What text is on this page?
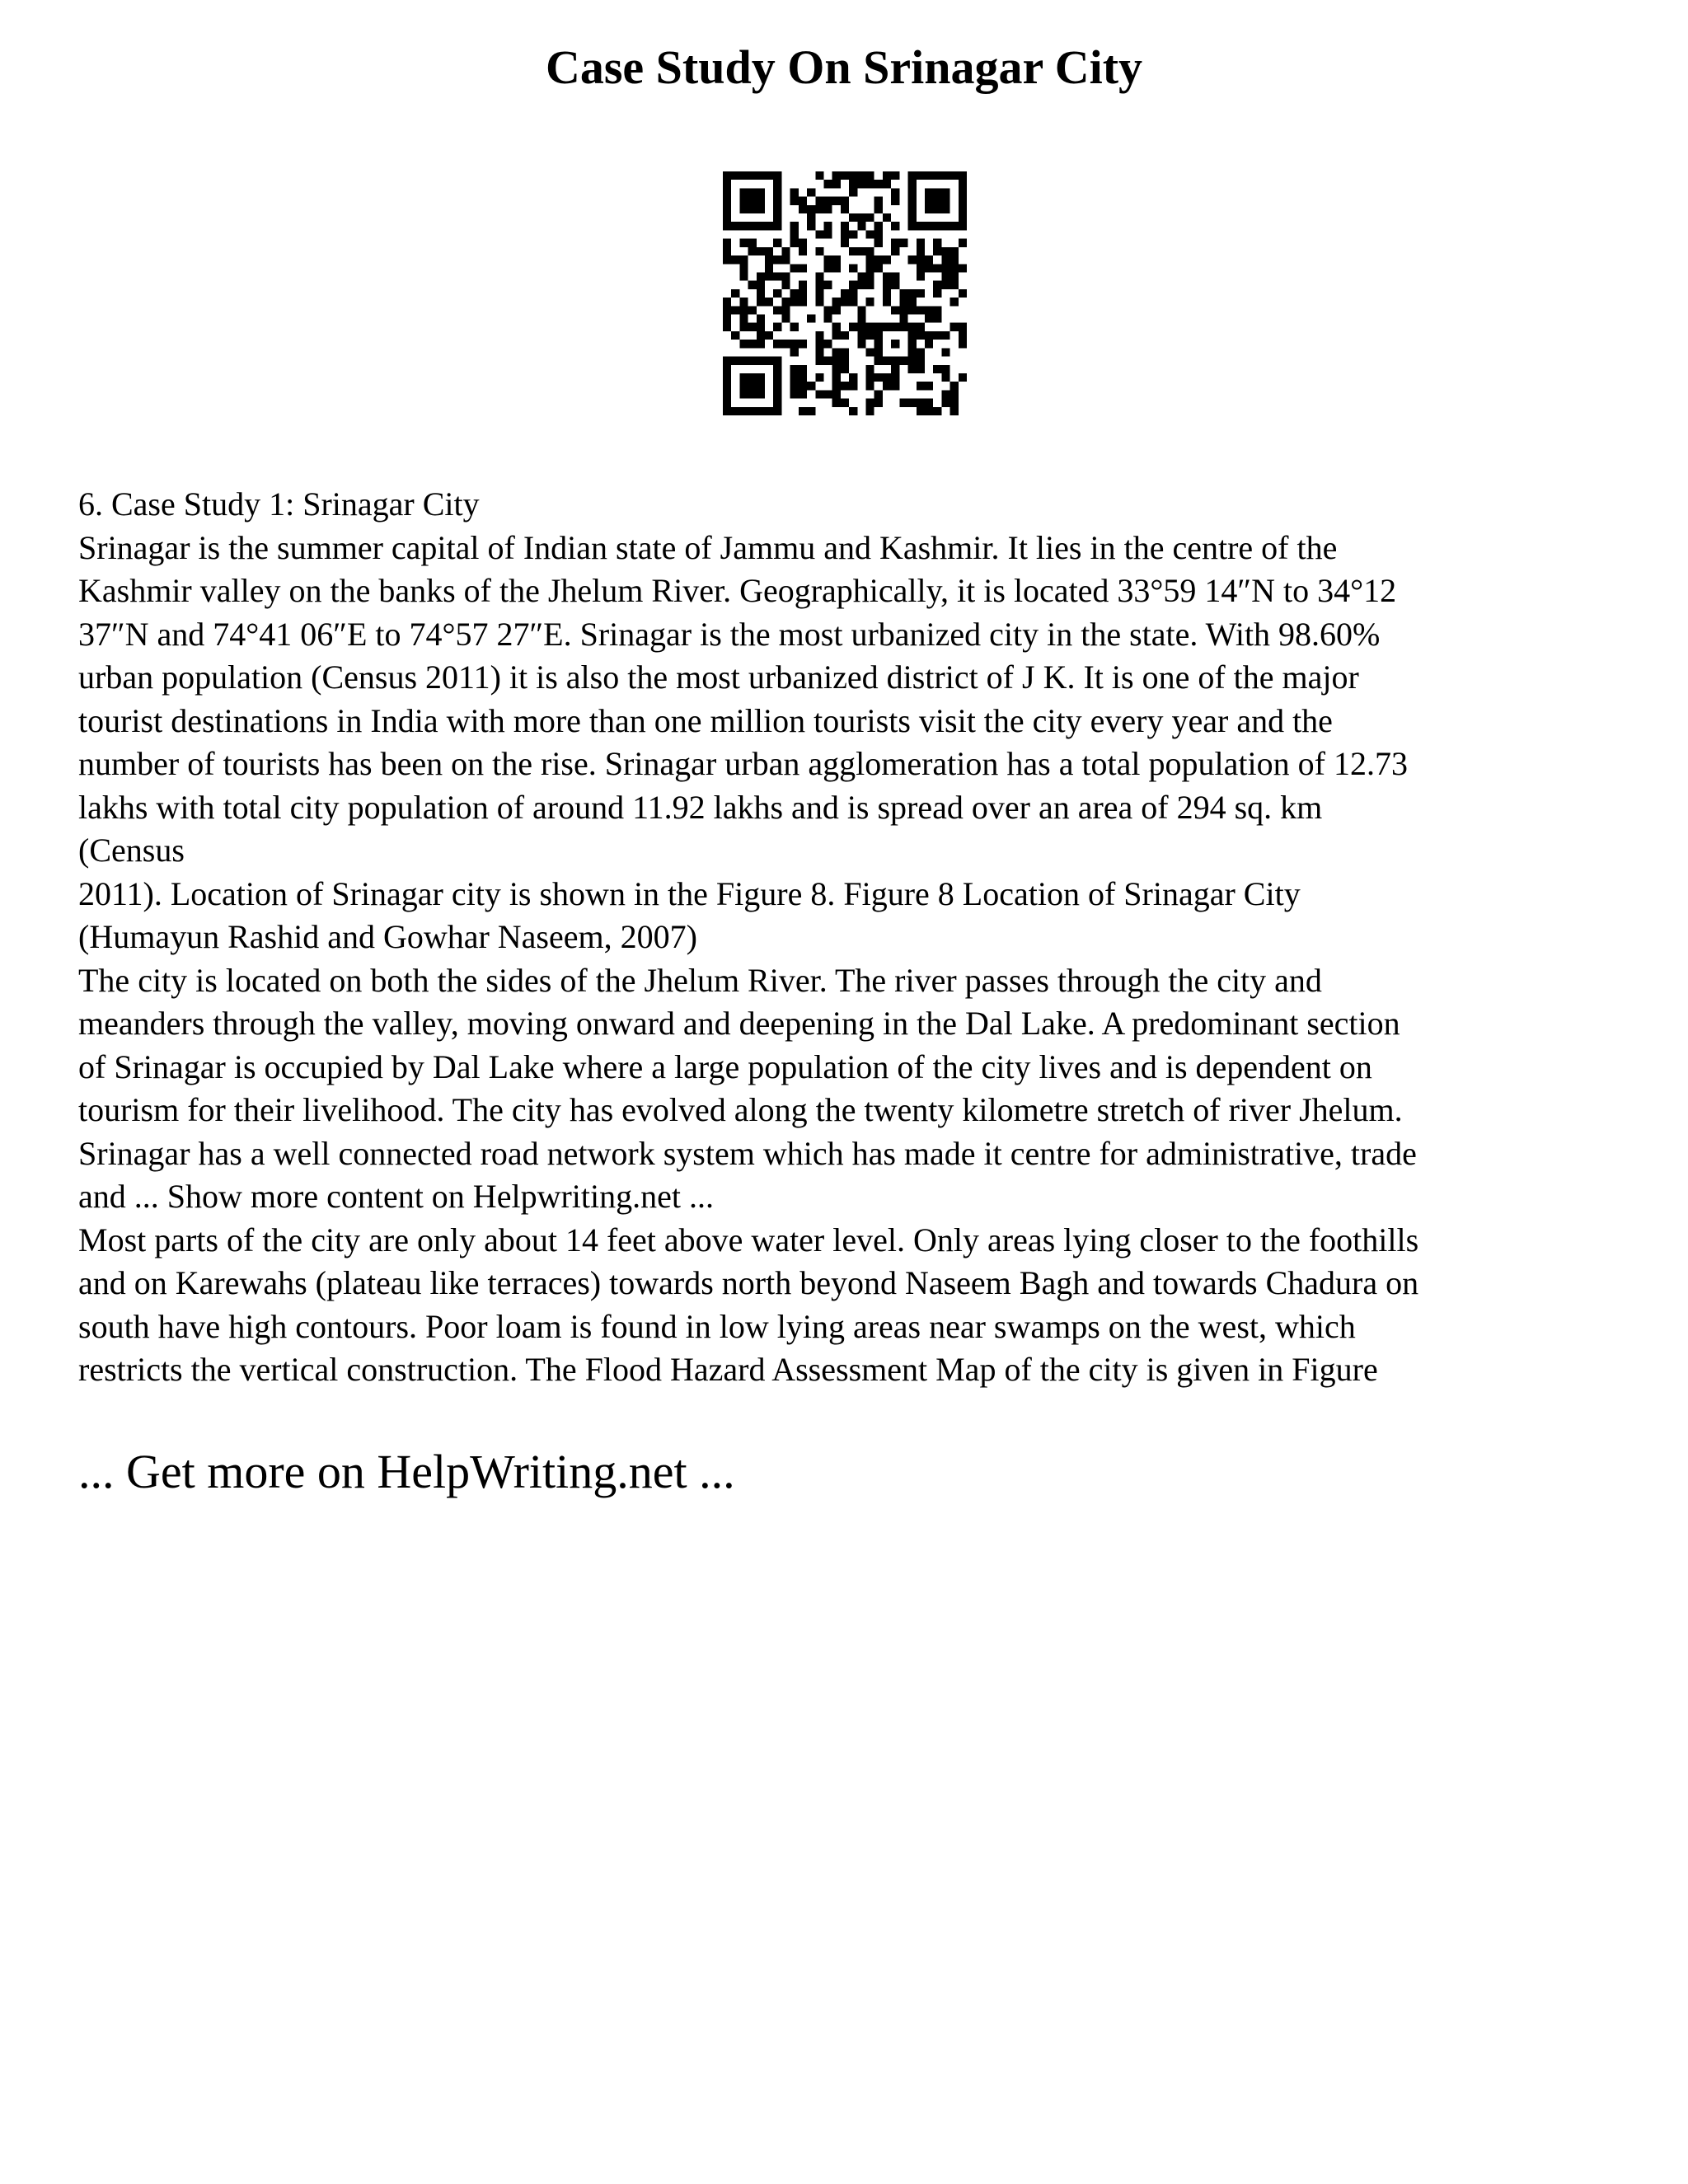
Case Study On Srinagar City

6. Case Study 1: Srinagar City

Srinagar is the summer capital of Indian state of Jammu and Kashmir. It lies in the centre of the
Kashmir valley on the banks of the Jhelum River. Geographically, it is located 33°59 14″N to 34°12
37″N and 74°41 06″E to 74°57 27″E. Srinagar is the most urbanized city in the state. With 98.60%
urban population (Census 2011) it is also the most urbanized district of J K. It is one of the major
tourist destinations in India with more than one million tourists visit the city every year and the
number of tourists has been on the rise. Srinagar urban agglomeration has a total population of 12.73
lakhs with total city population of around 11.92 lakhs and is spread over an area of 294 sq. km
(Census
2011). Location of Srinagar city is shown in the Figure 8. Figure 8 Location of Srinagar City
(Humayun Rashid and Gowhar Naseem, 2007)

The city is located on both the sides of the Jhelum River. The river passes through the city and
meanders through the valley, moving onward and deepening in the Dal Lake. A predominant section
of Srinagar is occupied by Dal Lake where a large population of the city lives and is dependent on
tourism for their livelihood. The city has evolved along the twenty kilometre stretch of river Jhelum.
Srinagar has a well connected road network system which has made it centre for administrative, trade
and ... Show more content on Helpwriting.net ...

Most parts of the city are only about 14 feet above water level. Only areas lying closer to the foothills
and on Karewahs (plateau like terraces) towards north beyond Naseem Bagh and towards Chadura on
south have high contours. Poor loam is found in low lying areas near swamps on the west, which
restricts the vertical construction. The Flood Hazard Assessment Map of the city is given in Figure

... Get more on HelpWriting.net ...
